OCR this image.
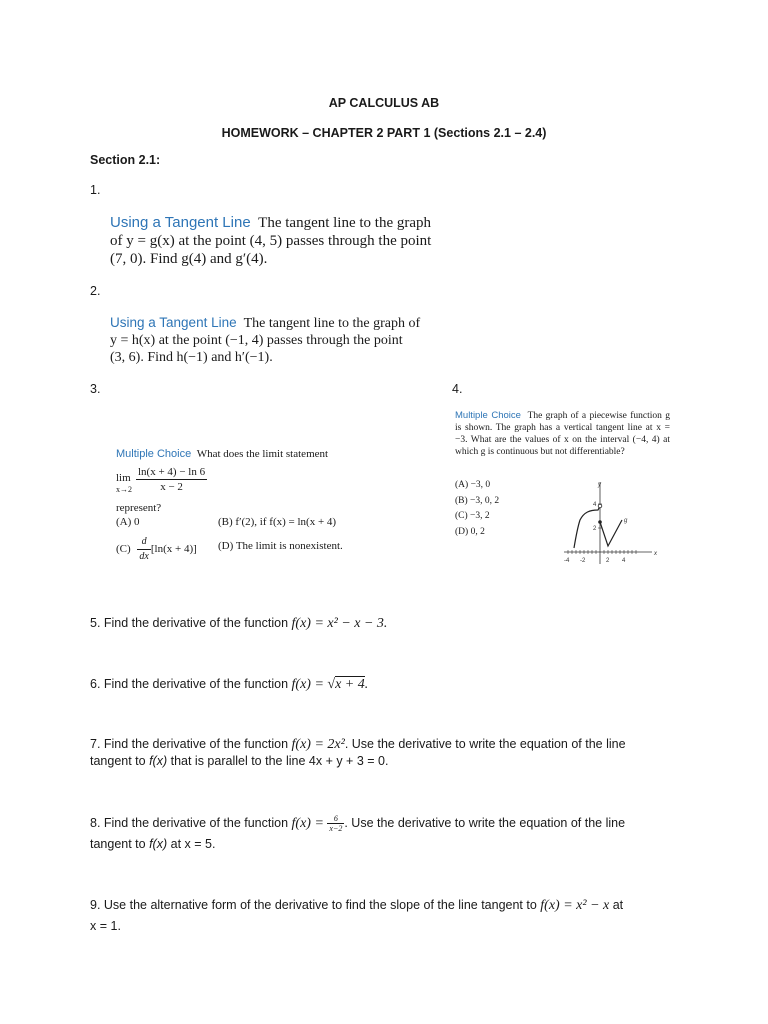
AP CALCULUS AB
HOMEWORK – CHAPTER 2 PART 1 (Sections 2.1 – 2.4)
Section 2.1:
1.
Using a Tangent Line The tangent line to the graph
of y = g(x) at the point (4, 5) passes through the point
(7, 0). Find g(4) and g′(4).
2.
Using a Tangent Line The tangent line to the graph of
y = h(x) at the point (−1, 4) passes through the point
(3, 6). Find h(−1) and h′(−1).
3.
Multiple Choice What does the limit statement
lim
$x\to 2 \frac{\ln(x + 4) - \ln 6}{x - 2}$
represent?
(A) 0	(B) f′(2), if f(x) = ln(x + 4)
$(C) \frac{d}{dx} [\ln(x + 4)]$ (D) The limit is nonexistent.
4.
Multiple Choice The graph of a piecewise function g is shown. The graph has a vertical tangent line at x = −3. What are the values of x on the interval (−4, 4) at which g is continuous but not differentiable?
(A) −3, 0
(B) −3, 0, 2
(C) −3, 2
(D) 0, 2
y
x
g
4
2
-4 -2	2 4
5. Find the derivative of the function f(x) = x² − x − 3.
6. Find the derivative of the function f(x) = √x + 4.
7. Find the derivative of the function f(x) = 2x². Use the derivative to write the equation of the line
tangent to f(x) that is parallel to the line 4x + y + 3 = 0.
8. Find the derivative of the function $f(x) = \frac{6}{x-2}$ . Use the derivative to write the equation of the line
tangent to f(x) at x = 5.
9. Use the alternative form of the derivative to find the slope of the line tangent to f(x) = x² − x at
x = 1.
